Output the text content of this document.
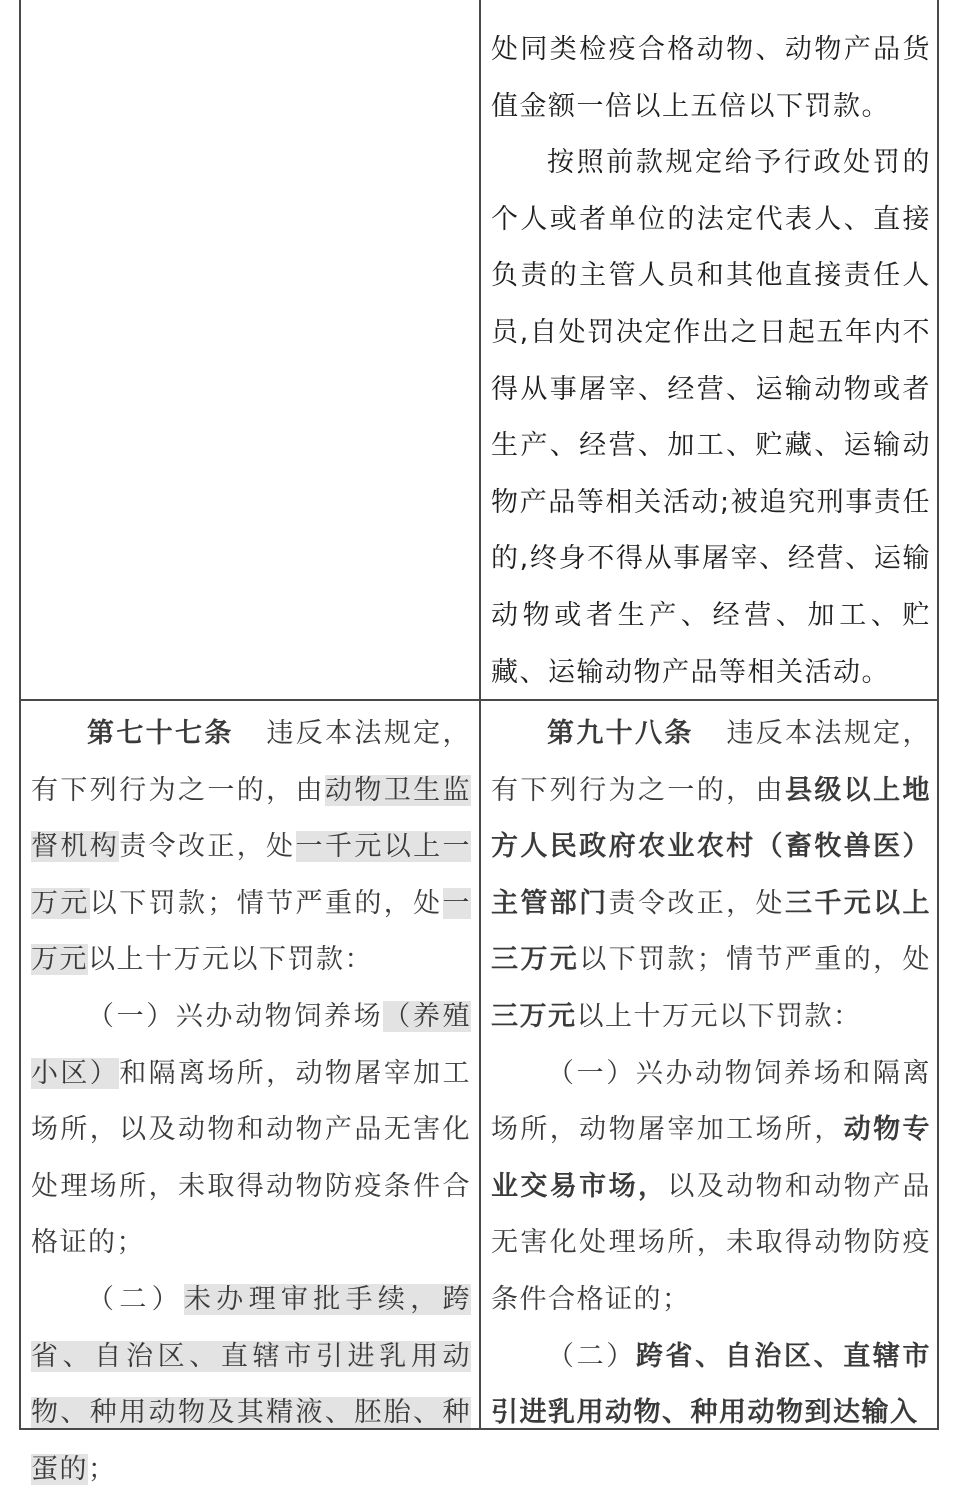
处同类检疫合格动物、动物产品货值金额一倍以上五倍以下罚款。

按照前款规定给予行政处罚的个人或者单位的法定代表人、直接负责的主管人员和其他直接责任人员,自处罚决定作出之日起五年内不得从事屠宰、经营、运输动物或者生产、经营、加工、贮藏、运输动物产品等相关活动;被追究刑事责任的,终身不得从事屠宰、经营、运输动物或者生产、经营、加工、贮藏、运输动物产品等相关活动。

第七十七条 违反本法规定，有下列行为之一的，由动物卫生监督机构责令改正，处一千元以上一万元以下罚款；情节严重的，处一万元以上十万元以下罚款：

（一）兴办动物饲养场（养殖小区）和隔离场所，动物屠宰加工场所，以及动物和动物产品无害化处理场所，未取得动物防疫条件合格证的；

（二）未办理审批手续，跨省、自治区、直辖市引进乳用动物、种用动物及其精液、胚胎、种蛋的；

第九十八条 违反本法规定，有下列行为之一的，由县级以上地方人民政府农业农村（畜牧兽医）主管部门责令改正，处三千元以上三万元以下罚款；情节严重的，处三万元以上十万元以下罚款：

（一）兴办动物饲养场和隔离场所，动物屠宰加工场所，动物专业交易市场，以及动物和动物产品无害化处理场所，未取得动物防疫条件合格证的；

（二）跨省、自治区、直辖市引进乳用动物、种用动物到达输入
